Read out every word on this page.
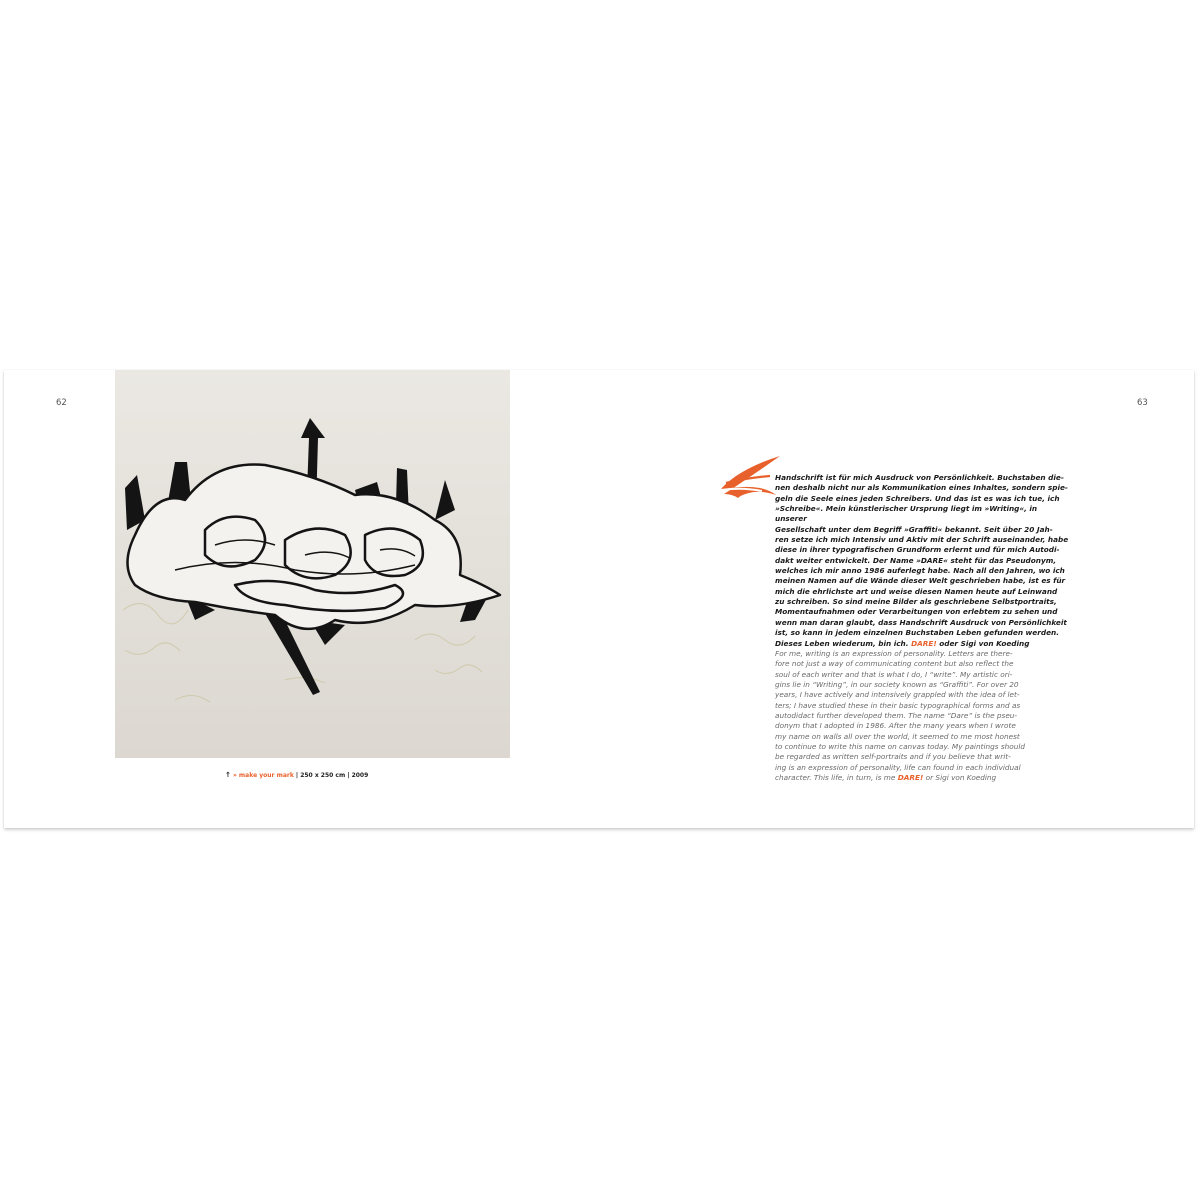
62	63
↑ » make your mark | 250 x 250 cm | 2009

Handschrift ist für mich Ausdruck von Persönlichkeit. Buchstaben die-
nen deshalb nicht nur als Kommunikation eines Inhaltes, sondern spie-
geln die Seele eines jeden Schreibers. Und das ist es was ich tue, ich
»Schreibe«. Mein künstlerischer Ursprung liegt im »Writing«, in unserer
Gesellschaft unter dem Begriff »Graffiti« bekannt. Seit über 20 Jah-
ren setze ich mich Intensiv und Aktiv mit der Schrift auseinander, habe
diese in ihrer typografischen Grundform erlernt und für mich Autodi-
dakt weiter entwickelt. Der Name »DARE« steht für das Pseudonym,
welches ich mir anno 1986 auferlegt habe. Nach all den Jahren, wo ich
meinen Namen auf die Wände dieser Welt geschrieben habe, ist es für
mich die ehrlichste art und weise diesen Namen heute auf Leinwand
zu schreiben. So sind meine Bilder als geschriebene Selbstportraits,
Momentaufnahmen oder Verarbeitungen von erlebtem zu sehen und
wenn man daran glaubt, dass Handschrift Ausdruck von Persönlichkeit
ist, so kann in jedem einzelnen Buchstaben Leben gefunden werden.
Dieses Leben wiederum, bin ich. DARE! oder Sigi von Koeding

For me, writing is an expression of personality. Letters are there-
fore not just a way of communicating content but also reflect the
soul of each writer and that is what I do, I “write”. My artistic ori-
gins lie in “Writing”, in our society known as “Graffiti”. For over 20
years, I have actively and intensively grappled with the idea of let-
ters; I have studied these in their basic typographical forms and as
autodidact further developed them. The name “Dare” is the pseu-
donym that I adopted in 1986. After the many years when I wrote
my name on walls all over the world, it seemed to me most honest
to continue to write this name on canvas today. My paintings should
be regarded as written self-portraits and if you believe that writ-
ing is an expression of personality, life can found in each individual
character. This life, in turn, is me DARE! or Sigi von Koeding
